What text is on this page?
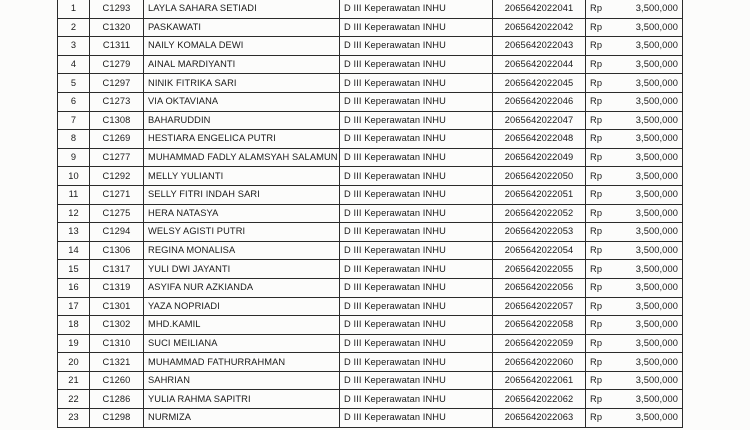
1	C1293	LAYLA SAHARA SETIADI	D III Keperawatan INHU	2065642022041	Rp	3,500,000
2	C1320	PASKAWATI	D III Keperawatan INHU	2065642022042	Rp	3,500,000
3	C1311	NAILY KOMALA DEWI	D III Keperawatan INHU	2065642022043	Rp	3,500,000
4	C1279	AINAL MARDIYANTI	D III Keperawatan INHU	2065642022044	Rp	3,500,000
5	C1297	NINIK FITRIKA SARI	D III Keperawatan INHU	2065642022045	Rp	3,500,000
6	C1273	VIA OKTAVIANA	D III Keperawatan INHU	2065642022046	Rp	3,500,000
7	C1308	BAHARUDDIN	D III Keperawatan INHU	2065642022047	Rp	3,500,000
8	C1269	HESTIARA ENGELICA PUTRI	D III Keperawatan INHU	2065642022048	Rp	3,500,000
9	C1277	MUHAMMAD FADLY ALAMSYAH SALAMUN	D III Keperawatan INHU	2065642022049	Rp	3,500,000
10	C1292	MELLY YULIANTI	D III Keperawatan INHU	2065642022050	Rp	3,500,000
11	C1271	SELLY FITRI INDAH SARI	D III Keperawatan INHU	2065642022051	Rp	3,500,000
12	C1275	HERA NATASYA	D III Keperawatan INHU	2065642022052	Rp	3,500,000
13	C1294	WELSY AGISTI PUTRI	D III Keperawatan INHU	2065642022053	Rp	3,500,000
14	C1306	REGINA MONALISA	D III Keperawatan INHU	2065642022054	Rp	3,500,000
15	C1317	YULI DWI JAYANTI	D III Keperawatan INHU	2065642022055	Rp	3,500,000
16	C1319	ASYIFA NUR AZKIANDA	D III Keperawatan INHU	2065642022056	Rp	3,500,000
17	C1301	YAZA NOPRIADI	D III Keperawatan INHU	2065642022057	Rp	3,500,000
18	C1302	MHD.KAMIL	D III Keperawatan INHU	2065642022058	Rp	3,500,000
19	C1310	SUCI MEILIANA	D III Keperawatan INHU	2065642022059	Rp	3,500,000
20	C1321	MUHAMMAD FATHURRAHMAN	D III Keperawatan INHU	2065642022060	Rp	3,500,000
21	C1260	SAHRIAN	D III Keperawatan INHU	2065642022061	Rp	3,500,000
22	C1286	YULIA RAHMA SAPITRI	D III Keperawatan INHU	2065642022062	Rp	3,500,000
23	C1298	NURMIZA	D III Keperawatan INHU	2065642022063	Rp	3,500,000
